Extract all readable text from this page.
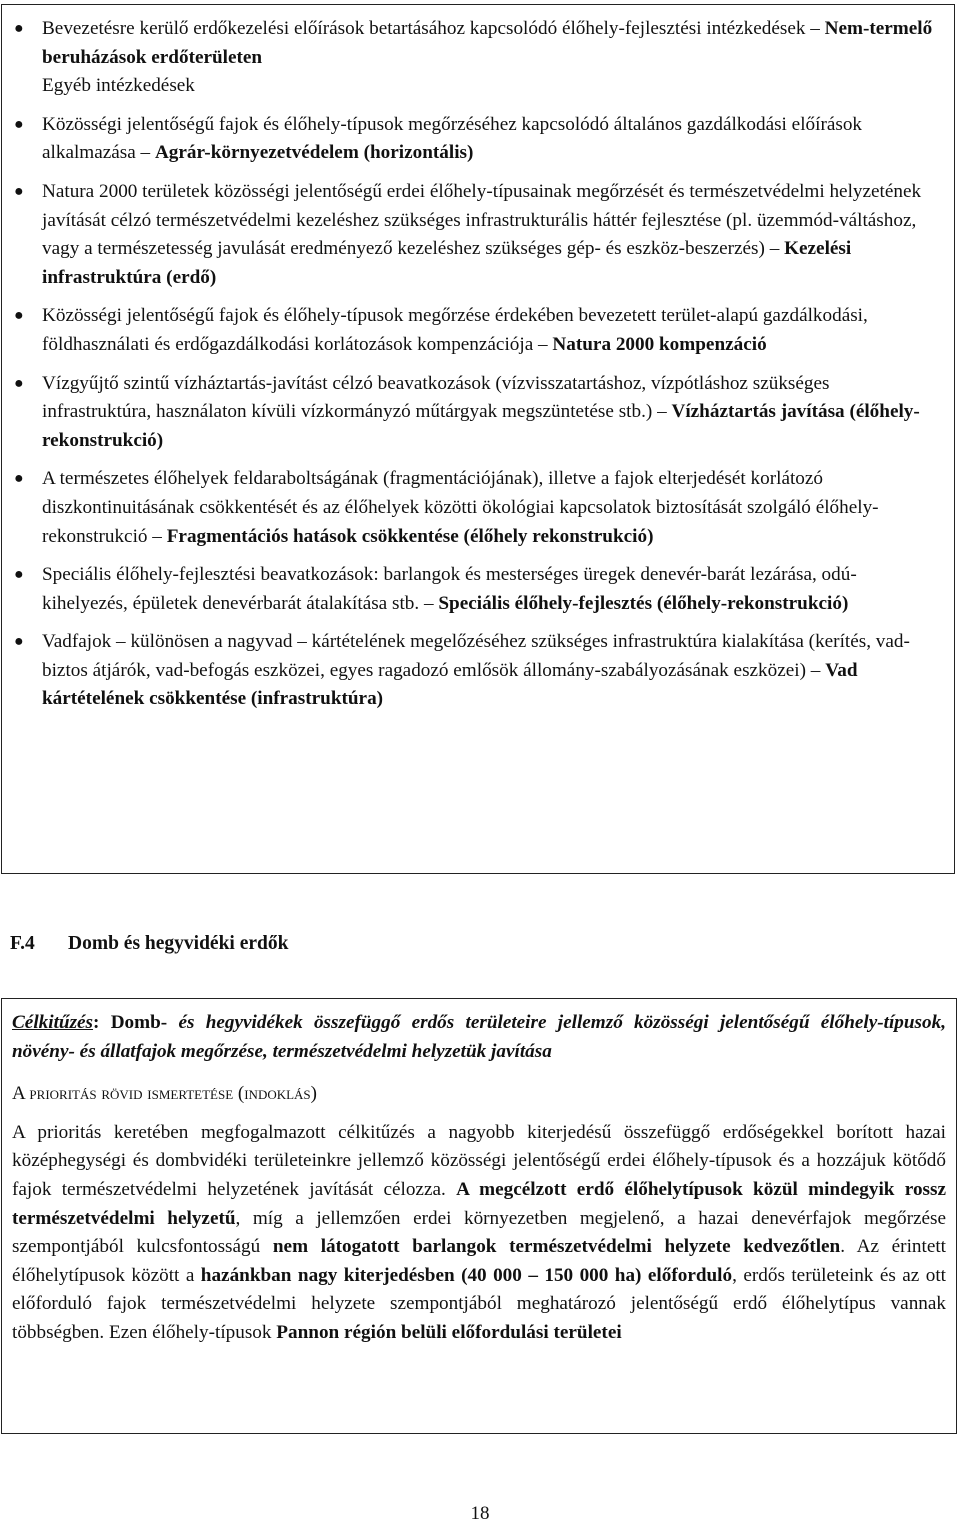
● Bevezetésre kerülő erdőkezelési előírások betartásához kapcsolódó élőhely-fejlesztési intézkedések – Nem-termelő beruházások erdőterületen
Egyéb intézkedések
● Közösségi jelentőségű fajok és élőhely-típusok megőrzéséhez kapcsolódó általános gazdálkodási előírások alkalmazása – Agrár-környezetvédelem (horizontális)
● Natura 2000 területek közösségi jelentőségű erdei élőhely-típusainak megőrzését és természetvédelmi helyzetének javítását célzó természetvédelmi kezeléshez szükséges infrastrukturális háttér fejlesztése (pl. üzemmód-váltáshoz, vagy a természetesség javulását eredményező kezeléshez szükséges gép- és eszköz-beszerzés) – Kezelési infrastruktúra (erdő)
● Közösségi jelentőségű fajok és élőhely-típusok megőrzése érdekében bevezetett terület-alapú gazdálkodási, földhasználati és erdőgazdálkodási korlátozások kompenzációja – Natura 2000 kompenzáció
● Vízgyűjtő szintű vízháztartás-javítást célzó beavatkozások (vízvisszatartáshoz, vízpótláshoz szükséges infrastruktúra, használaton kívüli vízkormányzó műtárgyak megszüntetése stb.) – Vízháztartás javítása (élőhely-rekonstrukció)
● A természetes élőhelyek feldaraboltságának (fragmentációjának), illetve a fajok elterjedését korlátozó diszkontinuitásának csökkentését és az élőhelyek közötti ökológiai kapcsolatok biztosítását szolgáló élőhely-rekonstrukció – Fragmentációs hatások csökkentése (élőhely rekonstrukció)
● Speciális élőhely-fejlesztési beavatkozások: barlangok és mesterséges üregek denevér-barát lezárása, odú-kihelyezés, épületek denevérbarát átalakítása stb. – Speciális élőhely-fejlesztés (élőhely-rekonstrukció)
● Vadfajok – különösen a nagyvad – kártételének megelőzéséhez szükséges infrastruktúra kialakítása (kerítés, vad-biztos átjárók, vad-befogás eszközei, egyes ragadozó emlősök állomány-szabályozásának eszközei) – Vad kártételének csökkentése (infrastruktúra)
F.4 Domb és hegyvidéki erdők

Célkitűzés: Domb- és hegyvidékek összefüggő erdős területeire jellemző közösségi jelentőségű élőhely-típusok, növény- és állatfajok megőrzése, természetvédelmi helyzetük javítása

A prioritás rövid ismertetése (indoklás)

A prioritás keretében megfogalmazott célkitűzés a nagyobb kiterjedésű összefüggő erdőségekkel borított hazai középhegységi és dombvidéki területeinkre jellemző közösségi jelentőségű erdei élőhely-típusok és a hozzájuk kötődő fajok természetvédelmi helyzetének javítását célozza. A megcélzott erdő élőhelytípusok közül mindegyik rossz természetvédelmi helyzetű, míg a jellemzően erdei környezetben megjelenő, a hazai denevérfajok megőrzése szempontjából kulcsfontosságú nem látogatott barlangok természetvédelmi helyzete kedvezőtlen. Az érintett élőhelytípusok között a hazánkban nagy kiterjedésben (40 000 – 150 000 ha) előforduló, erdős területeink és az ott előforduló fajok természetvédelmi helyzete szempontjából meghatározó jelentőségű erdő élőhelytípus vannak többségben. Ezen élőhely-típusok Pannon régión belüli előfordulási területei

18
